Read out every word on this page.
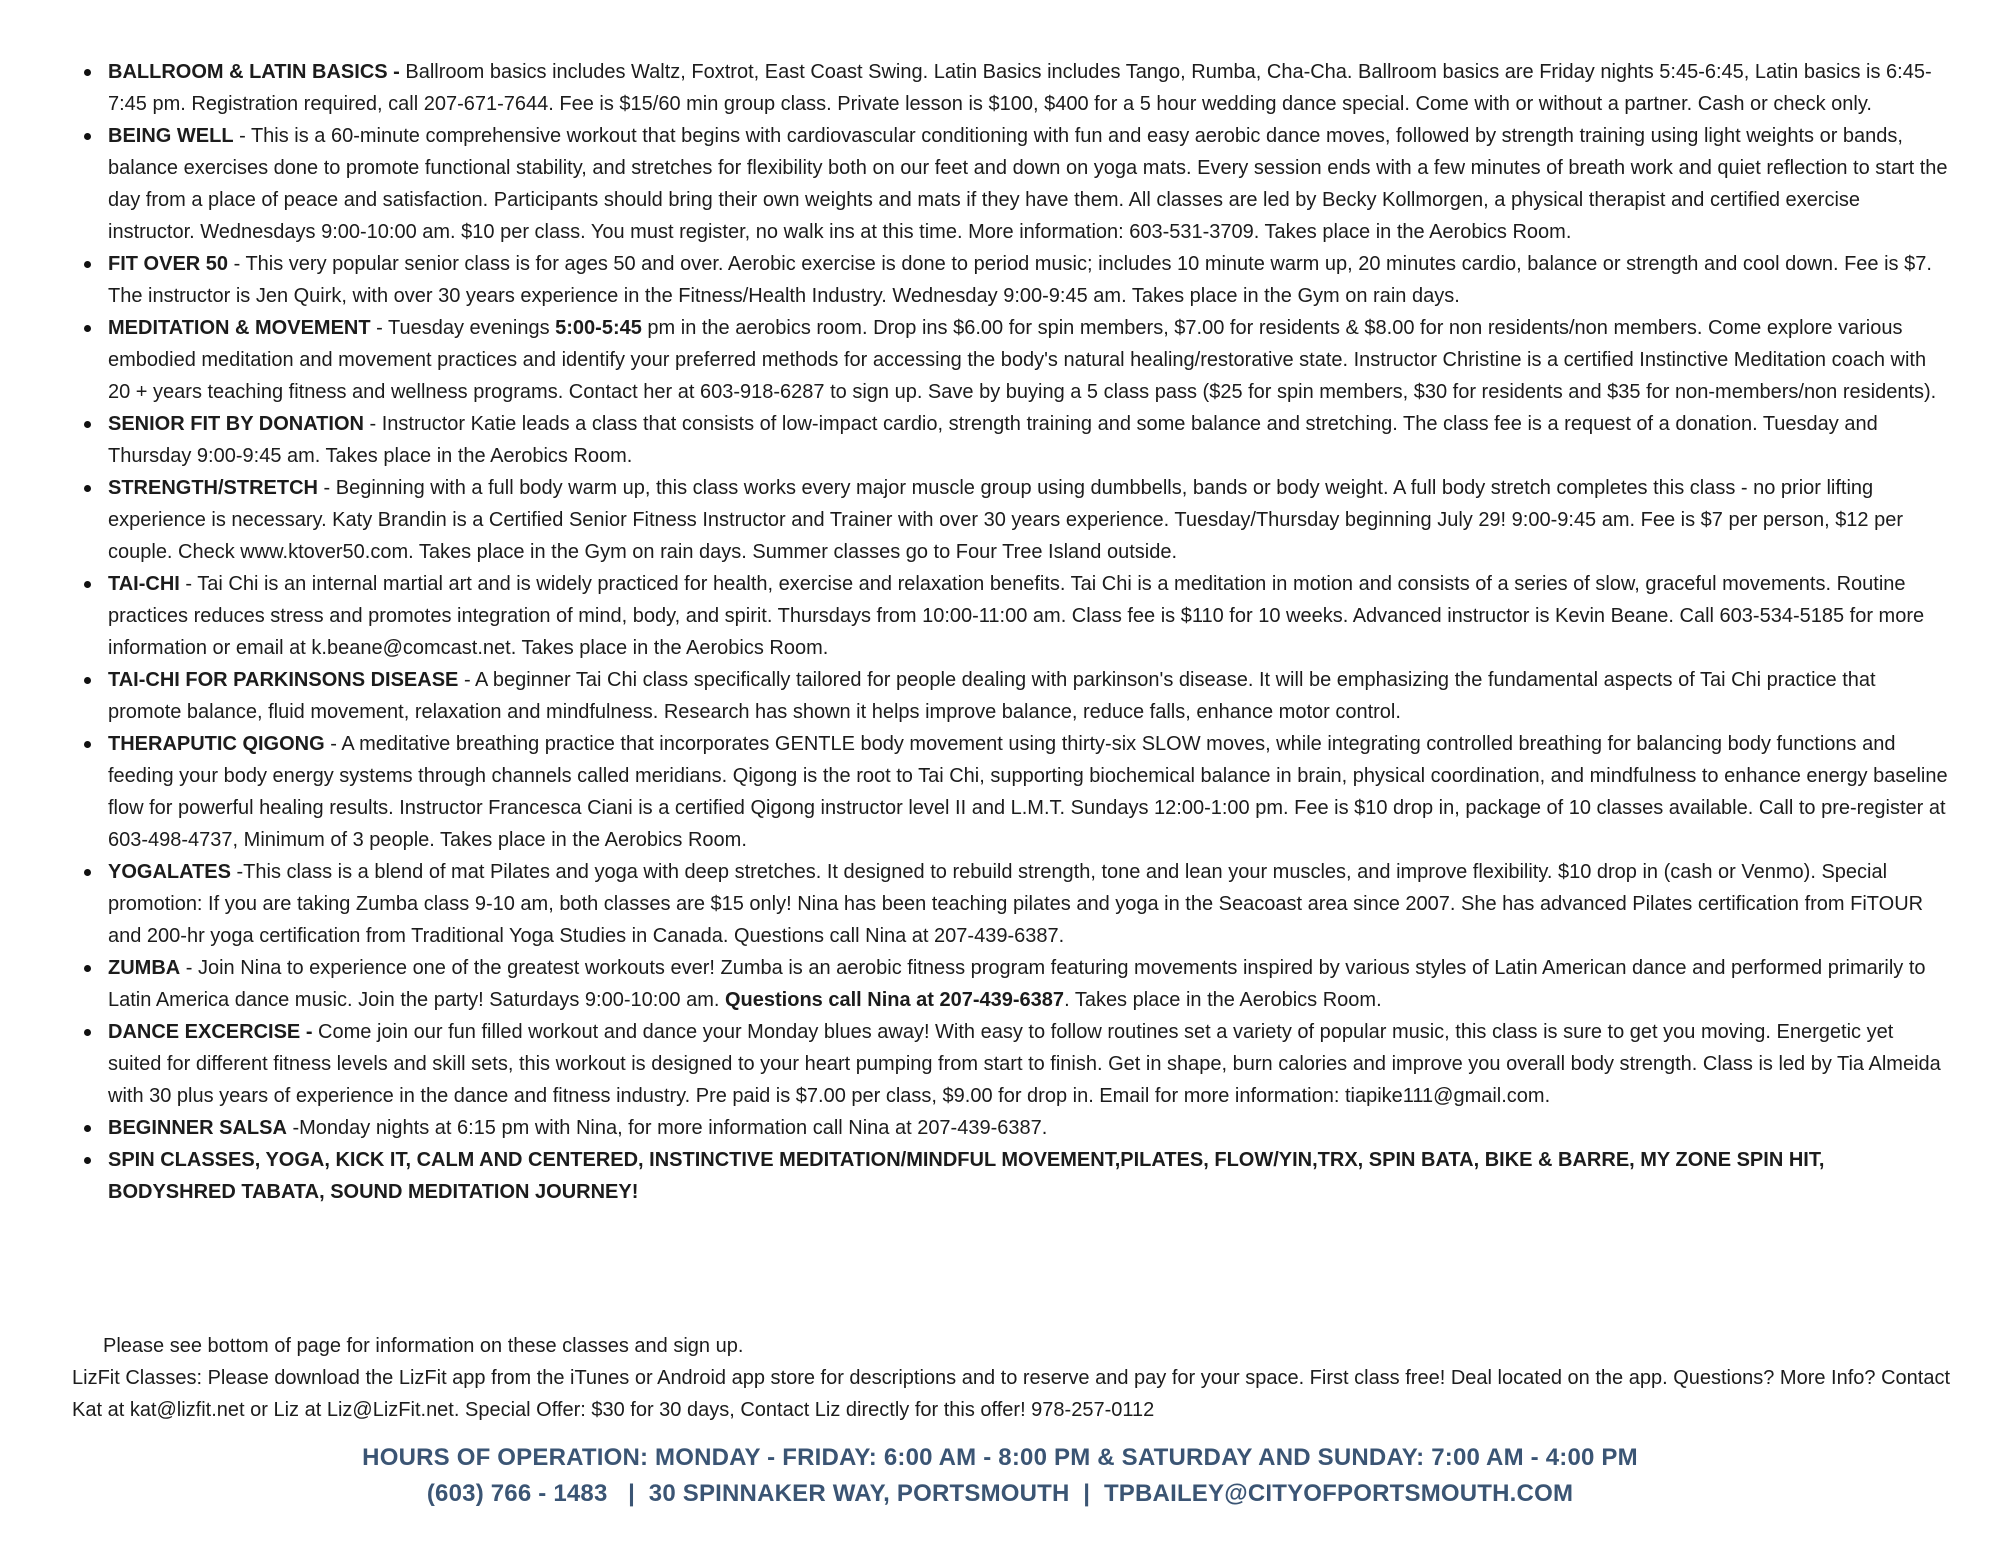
BALLROOM & LATIN BASICS - Ballroom basics includes Waltz, Foxtrot, East Coast Swing. Latin Basics includes Tango, Rumba, Cha-Cha. Ballroom basics are Friday nights 5:45-6:45, Latin basics is 6:45-7:45 pm. Registration required, call 207-671-7644. Fee is $15/60 min group class. Private lesson is $100, $400 for a 5 hour wedding dance special. Come with or without a partner. Cash or check only.
BEING WELL - This is a 60-minute comprehensive workout that begins with cardiovascular conditioning with fun and easy aerobic dance moves, followed by strength training using light weights or bands, balance exercises done to promote functional stability, and stretches for flexibility both on our feet and down on yoga mats. Every session ends with a few minutes of breath work and quiet reflection to start the day from a place of peace and satisfaction. Participants should bring their own weights and mats if they have them. All classes are led by Becky Kollmorgen, a physical therapist and certified exercise instructor. Wednesdays 9:00-10:00 am. $10 per class. You must register, no walk ins at this time. More information: 603-531-3709. Takes place in the Aerobics Room.
FIT OVER 50 - This very popular senior class is for ages 50 and over. Aerobic exercise is done to period music; includes 10 minute warm up, 20 minutes cardio, balance or strength and cool down. Fee is $7. The instructor is Jen Quirk, with over 30 years experience in the Fitness/Health Industry. Wednesday 9:00-9:45 am. Takes place in the Gym on rain days.
MEDITATION & MOVEMENT - Tuesday evenings 5:00-5:45 pm in the aerobics room. Drop ins $6.00 for spin members, $7.00 for residents & $8.00 for non residents/non members. Come explore various embodied meditation and movement practices and identify your preferred methods for accessing the body's natural healing/restorative state. Instructor Christine is a certified Instinctive Meditation coach with 20 + years teaching fitness and wellness programs. Contact her at 603-918-6287 to sign up. Save by buying a 5 class pass ($25 for spin members, $30 for residents and $35 for non-members/non residents).
SENIOR FIT BY DONATION - Instructor Katie leads a class that consists of low-impact cardio, strength training and some balance and stretching. The class fee is a request of a donation. Tuesday and Thursday 9:00-9:45 am. Takes place in the Aerobics Room.
STRENGTH/STRETCH - Beginning with a full body warm up, this class works every major muscle group using dumbbells, bands or body weight. A full body stretch completes this class - no prior lifting experience is necessary. Katy Brandin is a Certified Senior Fitness Instructor and Trainer with over 30 years experience. Tuesday/Thursday beginning July 29! 9:00-9:45 am. Fee is $7 per person, $12 per couple. Check www.ktover50.com. Takes place in the Gym on rain days. Summer classes go to Four Tree Island outside.
TAI-CHI - Tai Chi is an internal martial art and is widely practiced for health, exercise and relaxation benefits. Tai Chi is a meditation in motion and consists of a series of slow, graceful movements. Routine practices reduces stress and promotes integration of mind, body, and spirit. Thursdays from 10:00-11:00 am. Class fee is $110 for 10 weeks. Advanced instructor is Kevin Beane. Call 603-534-5185 for more information or email at k.beane@comcast.net. Takes place in the Aerobics Room.
TAI-CHI FOR PARKINSONS DISEASE - A beginner Tai Chi class specifically tailored for people dealing with parkinson's disease. It will be emphasizing the fundamental aspects of Tai Chi practice that promote balance, fluid movement, relaxation and mindfulness. Research has shown it helps improve balance, reduce falls, enhance motor control.
THERAPUTIC QIGONG - A meditative breathing practice that incorporates GENTLE body movement using thirty-six SLOW moves, while integrating controlled breathing for balancing body functions and feeding your body energy systems through channels called meridians. Qigong is the root to Tai Chi, supporting biochemical balance in brain, physical coordination, and mindfulness to enhance energy baseline flow for powerful healing results. Instructor Francesca Ciani is a certified Qigong instructor level II and L.M.T. Sundays 12:00-1:00 pm. Fee is $10 drop in, package of 10 classes available. Call to pre-register at 603-498-4737, Minimum of 3 people. Takes place in the Aerobics Room.
YOGALATES -This class is a blend of mat Pilates and yoga with deep stretches. It designed to rebuild strength, tone and lean your muscles, and improve flexibility. $10 drop in (cash or Venmo). Special promotion: If you are taking Zumba class 9-10 am, both classes are $15 only! Nina has been teaching pilates and yoga in the Seacoast area since 2007. She has advanced Pilates certification from FiTOUR and 200-hr yoga certification from Traditional Yoga Studies in Canada. Questions call Nina at 207-439-6387.
ZUMBA - Join Nina to experience one of the greatest workouts ever! Zumba is an aerobic fitness program featuring movements inspired by various styles of Latin American dance and performed primarily to Latin America dance music. Join the party! Saturdays 9:00-10:00 am. Questions call Nina at 207-439-6387. Takes place in the Aerobics Room.
DANCE EXCERCISE - Come join our fun filled workout and dance your Monday blues away! With easy to follow routines set a variety of popular music, this class is sure to get you moving. Energetic yet suited for different fitness levels and skill sets, this workout is designed to your heart pumping from start to finish. Get in shape, burn calories and improve you overall body strength. Class is led by Tia Almeida with 30 plus years of experience in the dance and fitness industry. Pre paid is $7.00 per class, $9.00 for drop in. Email for more information: tiapike111@gmail.com.
BEGINNER SALSA -Monday nights at 6:15 pm with Nina, for more information call Nina at 207-439-6387.
SPIN CLASSES, YOGA, KICK IT, CALM AND CENTERED, INSTINCTIVE MEDITATION/MINDFUL MOVEMENT,PILATES, FLOW/YIN,TRX, SPIN BATA, BIKE & BARRE, MY ZONE SPIN HIT, BODYSHRED TABATA, SOUND MEDITATION JOURNEY!
Please see bottom of page for information on these classes and sign up.
LizFit Classes: Please download the LizFit app from the iTunes or Android app store for descriptions and to reserve and pay for your space. First class free! Deal located on the app. Questions? More Info? Contact Kat at kat@lizfit.net or Liz at Liz@LizFit.net. Special Offer: $30 for 30 days, Contact Liz directly for this offer! 978-257-0112
HOURS OF OPERATION: MONDAY - FRIDAY: 6:00 AM - 8:00 PM & SATURDAY AND SUNDAY: 7:00 AM - 4:00 PM
(603) 766 - 1483   |  30 SPINNAKER WAY, PORTSMOUTH  |  TPBAILEY@CITYOFPORTSMOUTH.COM
